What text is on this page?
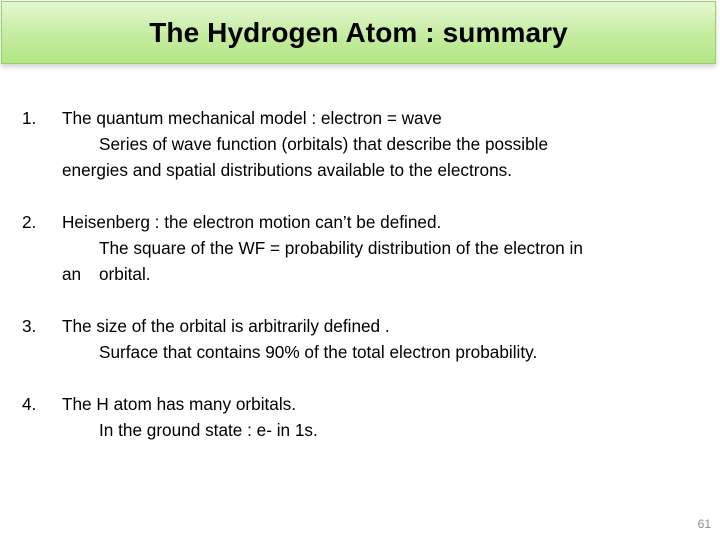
The Hydrogen Atom : summary
1. The quantum mechanical model : electron = wave
Series of wave function (orbitals) that describe the possible
energies and spatial distributions available to the electrons.
2. Heisenberg : the electron motion can’t be defined.
The square of the WF = probability distribution of the electron in
an orbital.
3. The size of the orbital is arbitrarily defined .
Surface that contains 90% of the total electron probability.
4. The H atom has many orbitals.
In the ground state : e- in 1s.
61
